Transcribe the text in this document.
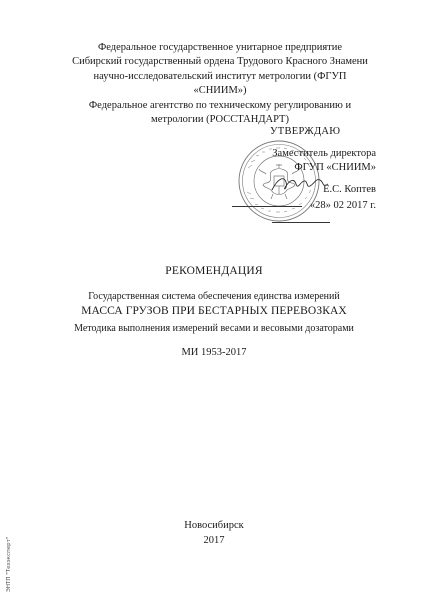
Федеральное государственное унитарное предприятие
Сибирский государственный ордена Трудового Красного Знамени
научно-исследовательский институт метрологии (ФГУП «СНИИМ»)
Федеральное агентство по техническому регулированию и
метрологии (РОССТАНДАРТ)

УТВЕРЖДАЮ
Заместитель директора
ФГУП «СНИИМ»
Е.С. Коптев
«28» 02 2017 г.

РЕКОМЕНДАЦИЯ

Государственная система обеспечения единства измерений

МАССА ГРУЗОВ ПРИ БЕСТАРНЫХ ПЕРЕВОЗКАХ

Методика выполнения измерений весами и весовыми дозаторами

МИ 1953-2017

Новосибирск

2017

ЭНТП "Техэксперт"
